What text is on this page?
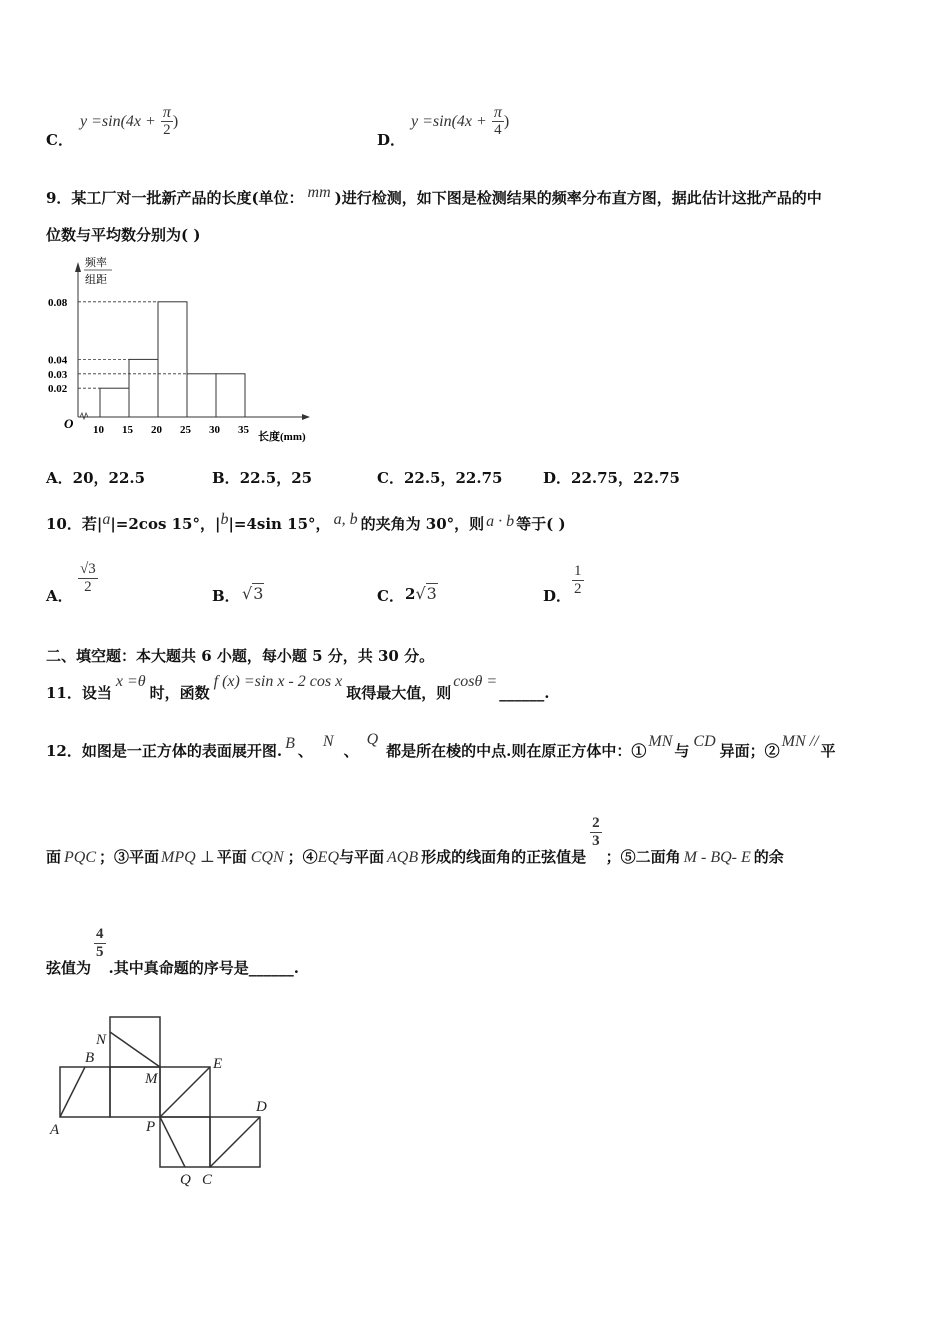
C．
$y =\sin(4x + \frac{\pi}{2}$ )
D．
$y =\sin(4x + \frac{\pi}{4}$ )
9．某工厂对一批新产品的长度(单位： mm )进行检测，如下图是检测结果的频率分布直方图，据此估计这批产品的中
位数与平均数分别为( )
频率
组距
O
长度(mm)
0.08
0.04
0.03
0.02
10 15 20 25 30 35
A．20，22.5	B．22.5，25	C．22.5，22.75	D．22.75，22.75
10．若|a|=2cos 15°，|b|=4sin 15°， a, b 的夹角为 30°，则 a · b 等于( )
A． $\frac{√3}{2}$	B． √3	C． 2√3	D． $\frac{1}{2}$
二、填空题：本大题共 6 小题，每小题 5 分，共 30 分。
11．设当x =θ时，函数f (x) =sin x - 2 cos x取得最大值，则cosθ =______.
12．如图是一正方体的表面展开图. B 、N、Q都是所在棱的中点.则在原正方体中：①MN与CD异面；②MN //平
面 PQC ；③平面 MPQ ⊥ 平面 CQN ；④EQ与平面 AQB 形成的线面角的正弦值是
$\frac{2}{3}$
；⑤二面角 M - BQ- E 的余
弦值为
$\frac{4}{5}$
.其中真命题的序号是______.
N
B
M
E
D
A	P
Q C
